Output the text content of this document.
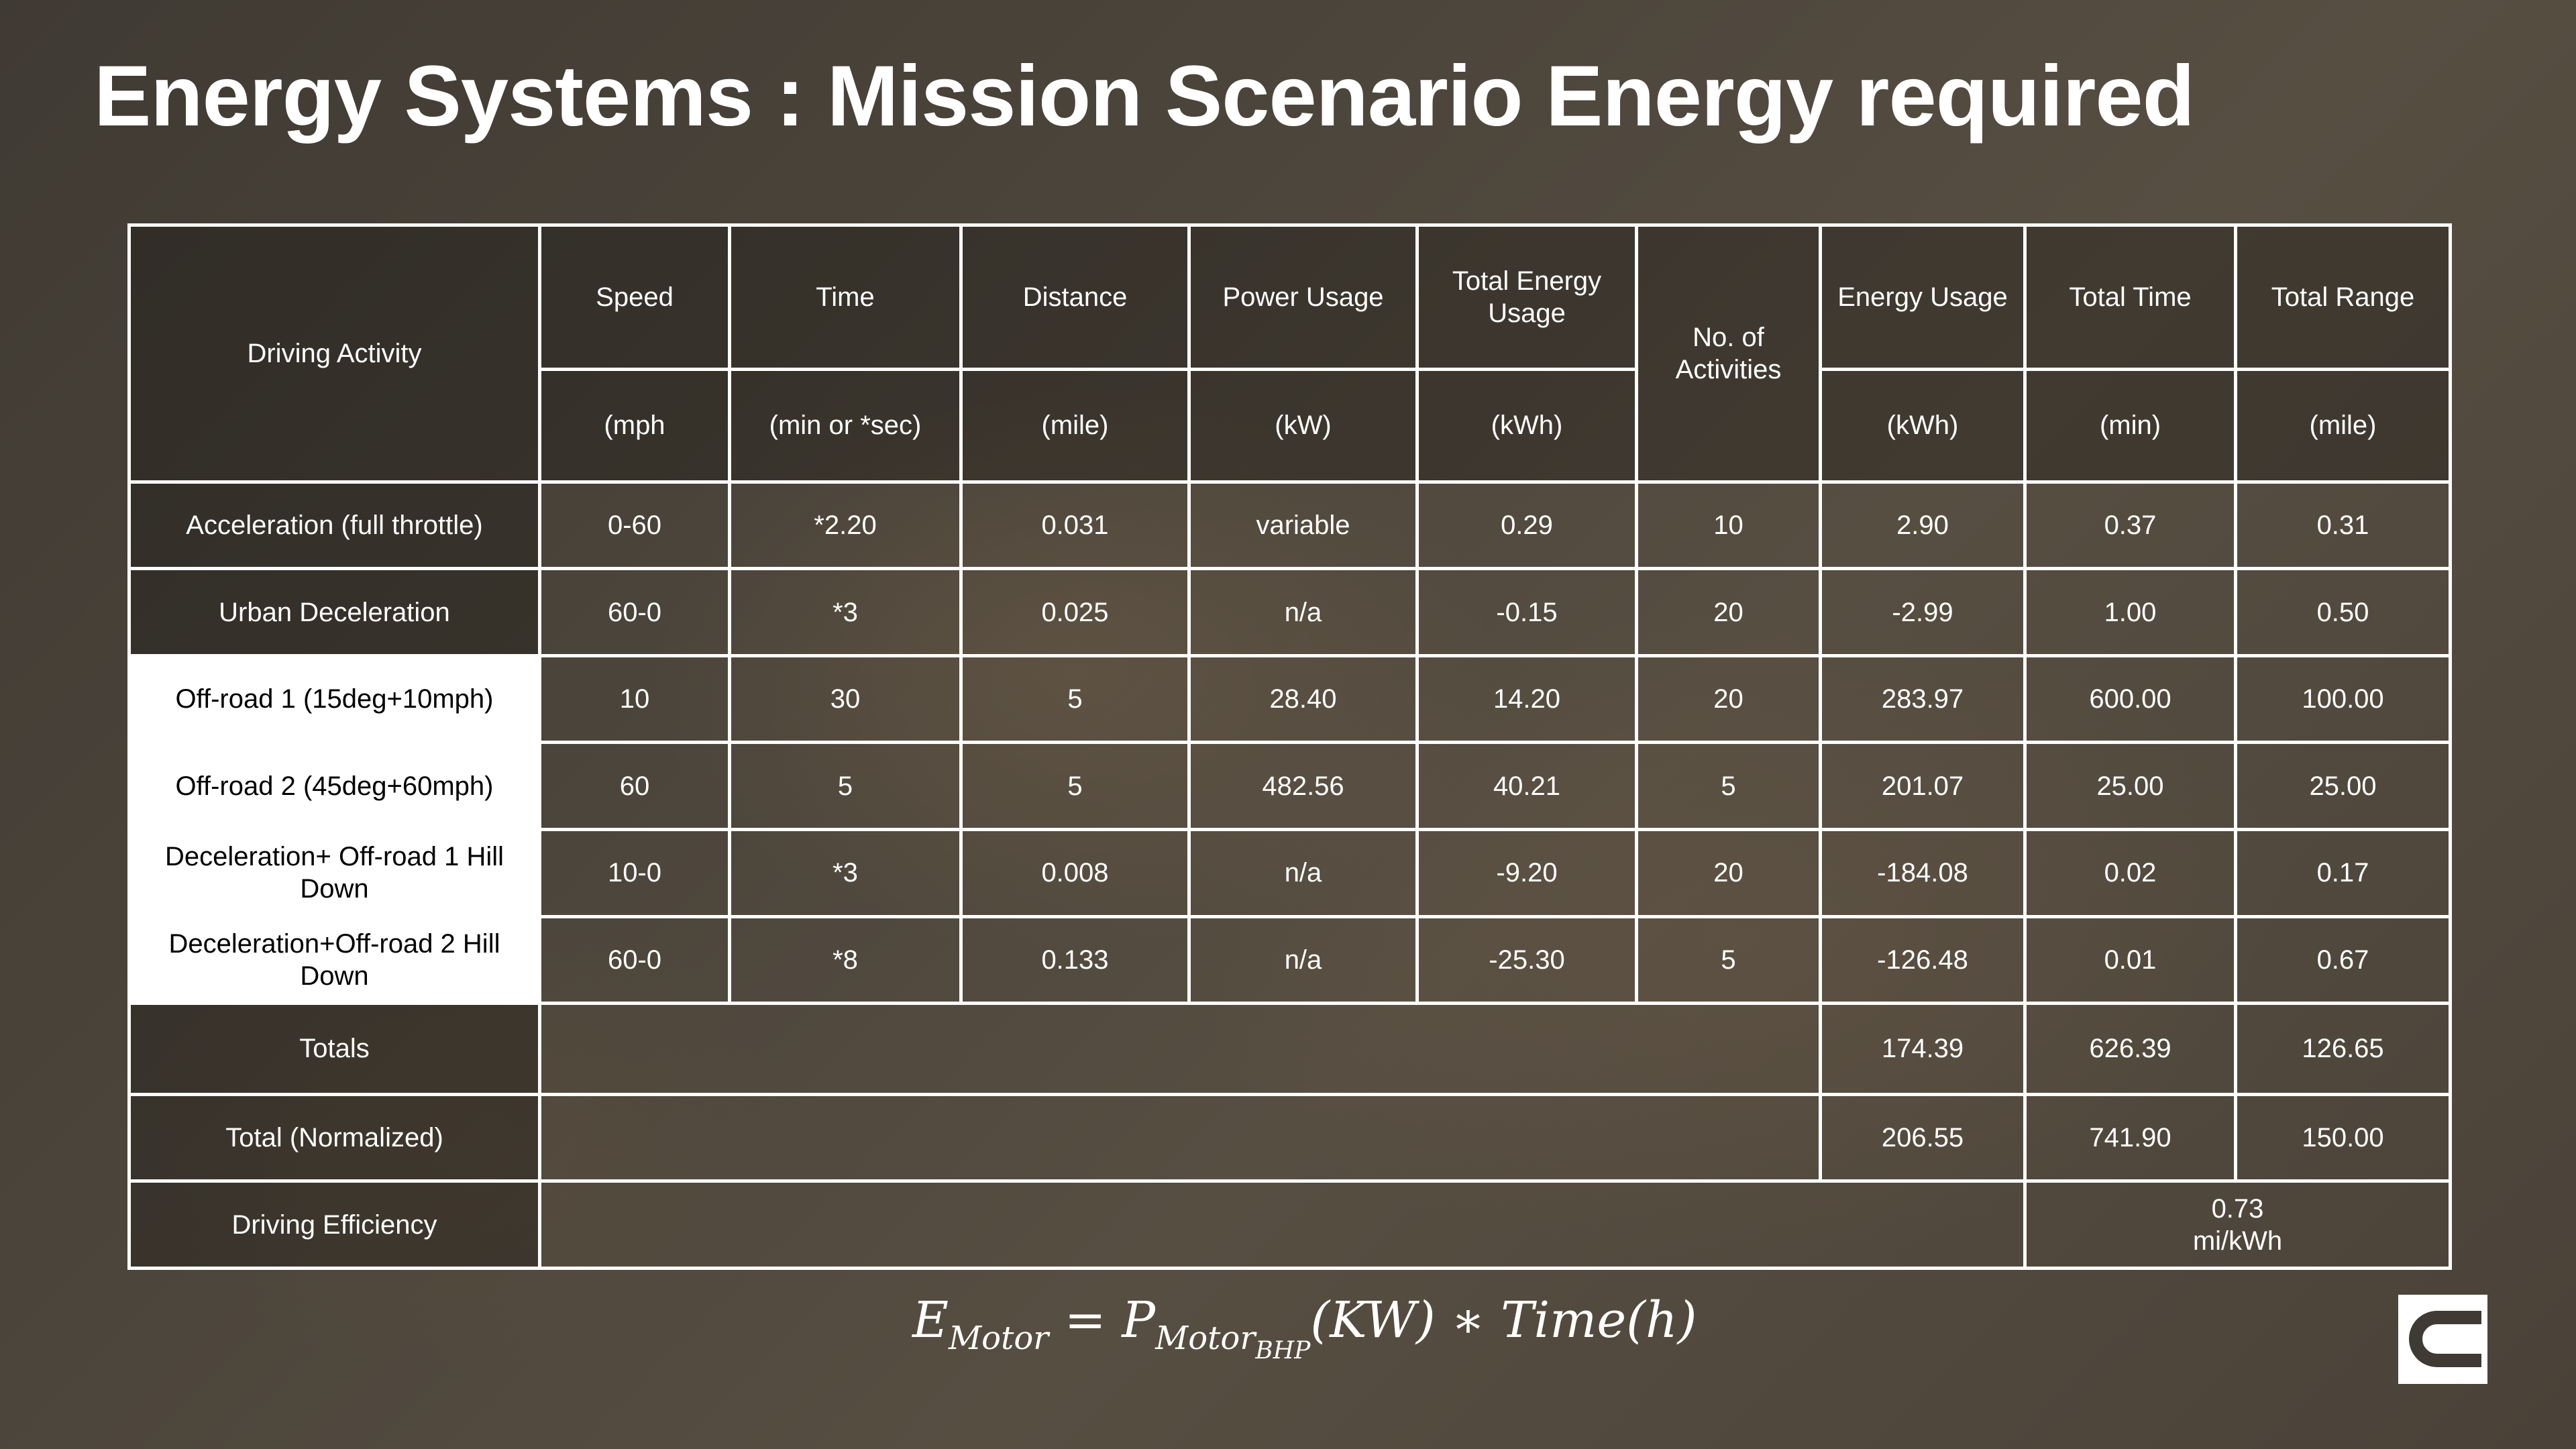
Energy Systems : Mission Scenario Energy required
Driving Activity	Speed	Time	Distance	Power Usage	Total Energy Usage	No. of Activities	Energy Usage	Total Time	Total Range
	(mph	(min or *sec)	(mile)	(kW)	(kWh)		(kWh)	(min)	(mile)
Acceleration (full throttle)	0-60	*2.20	0.031	variable	0.29	10	2.90	0.37	0.31
Urban Deceleration	60-0	*3	0.025	n/a	-0.15	20	-2.99	1.00	0.50
Off-road 1 (15deg+10mph)	10	30	5	28.40	14.20	20	283.97	600.00	100.00
Off-road 2 (45deg+60mph)	60	5	5	482.56	40.21	5	201.07	25.00	25.00
Deceleration+ Off-road 1 Hill Down	10-0	*3	0.008	n/a	-9.20	20	-184.08	0.02	0.17
Deceleration+Off-road 2 Hill Down	60-0	*8	0.133	n/a	-25.30	5	-126.48	0.01	0.67
Totals							174.39	626.39	126.65
Total (Normalized)							206.55	741.90	150.00
Driving Efficiency								0.73
mi/kWh	
$E_{Motor} = P_{Motor_{BHP}}(KW)$ ∗ Time(h)
